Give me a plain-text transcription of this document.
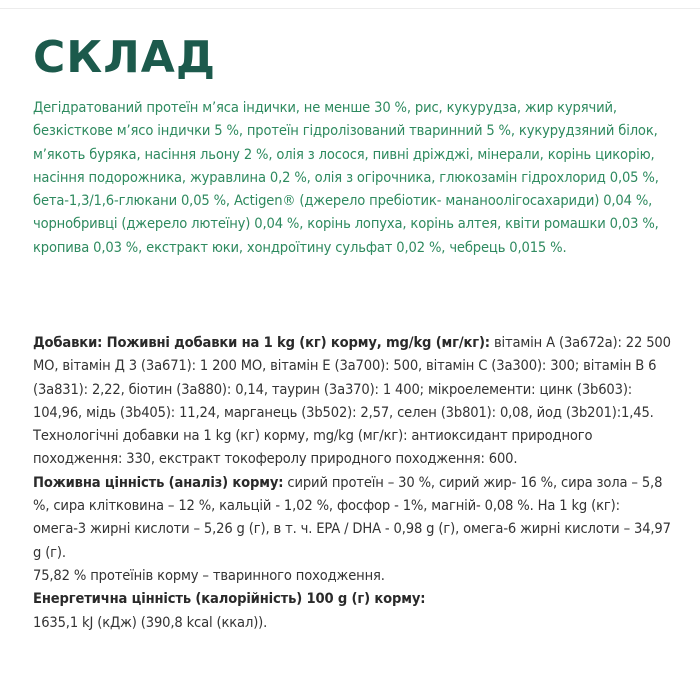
СКЛАД

Дегідратований протеїн м’яса індички, не менше 30 %, рис, кукурудза, жир курячий, безкісткове м’ясо індички 5 %, протеїн гідролізований тваринний 5 %, кукурудзяний білок, м’якоть буряка, насіння льону 2 %, олія з лосося, пивні дріжджі, мінерали, корінь цикорію, насіння подорожника, журавлина 0,2 %, олія з огірочника, глюкозамін гідрохлорид 0,05 %, бета-1,3/1,6-глюкани 0,05 %, Actigen® (джерело пребіотик- мананоолігосахариди) 0,04 %, чорнобривці (джерело лютеїну) 0,04 %, корінь лопуха, корінь алтея, квіти ромашки 0,03 %, кропива 0,03 %, екстракт юки, хондроїтину сульфат 0,02 %, чебрець 0,015 %.

Добавки: Поживні добавки на 1 kg (кг) корму, mg/kg (мг/кг): вітамін A (3a672a): 22 500 МО, вітамін Д 3 (3a671): 1 200 МО, вітамін Е (3a700): 500, вітамін С (3a300): 300; вітамін В 6 (3a831): 2,22, біотин (3a880): 0,14, таурин (3a370): 1 400; мікроелементи: цинк (3b603): 104,96, мідь (3b405): 11,24, марганець (3b502): 2,57, селен (3b801): 0,08, йод (3b201):1,45. Технологічні добавки на 1 kg (кг) корму, mg/kg (мг/кг): антиоксидант природного походження: 330, екстракт токоферолу природного походження: 600.

Поживна цінність (аналіз) корму: сирий протеїн – 30 %, сирий жир- 16 %, сира зола – 5,8 %, сира клітковина – 12 %, кальцій - 1,02 %, фосфор - 1%, магній- 0,08 %. На 1 kg (кг): омега-3 жирні кислоти – 5,26 g (г), в т. ч. EPA / DHA - 0,98 g (г), омега-6 жирні кислоти – 34,97 g (г).

75,82 % протеїнів корму – тваринного походження.

Енергетична цінність (калорійність) 100 g (г) корму:

1635,1 kJ (кДж) (390,8 kcal (ккал)).
